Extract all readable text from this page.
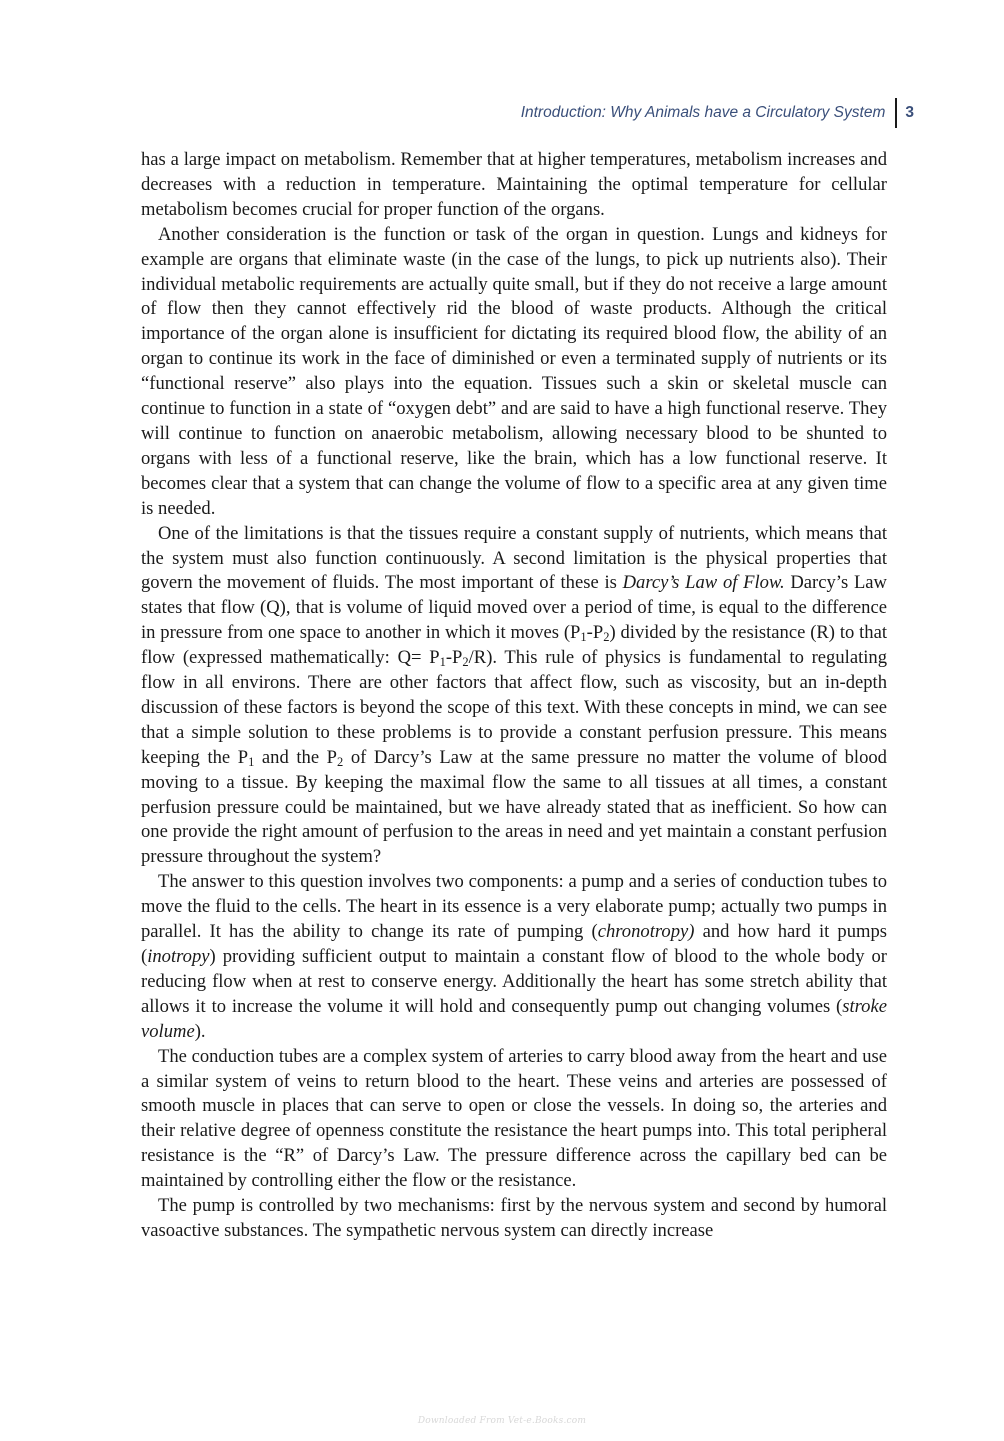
Introduction: Why Animals have a Circulatory System	3

has a large impact on metabolism. Remember that at higher temperatures, metabolism increases and decreases with a reduction in temperature. Maintaining the optimal temperature for cellular metabolism becomes crucial for proper function of the organs.

Another consideration is the function or task of the organ in question. Lungs and kidneys for example are organs that eliminate waste (in the case of the lungs, to pick up nutrients also). Their individual metabolic requirements are actually quite small, but if they do not receive a large amount of flow then they cannot effectively rid the blood of waste products. Although the critical importance of the organ alone is insufficient for dictating its required blood flow, the ability of an organ to continue its work in the face of diminished or even a terminated supply of nutrients or its “functional reserve” also plays into the equation. Tissues such a skin or skeletal muscle can continue to function in a state of “oxygen debt” and are said to have a high functional reserve. They will continue to function on anaerobic metabolism, allowing necessary blood to be shunted to organs with less of a functional reserve, like the brain, which has a low functional reserve. It becomes clear that a system that can change the volume of flow to a specific area at any given time is needed.

One of the limitations is that the tissues require a constant supply of nutrients, which means that the system must also function continuously. A second limitation is the physical properties that govern the movement of fluids. The most important of these is Darcy’s Law of Flow. Darcy’s Law states that flow (Q), that is volume of liquid moved over a period of time, is equal to the difference in pressure from one space to another in which it moves $(P_1-P_2)$ divided by the resistance (R) to that flow (expressed mathematically: $Q= P_1-P_2/R$). This rule of physics is fundamental to regulating flow in all environs. There are other factors that affect flow, such as viscosity, but an in-depth discussion of these factors is beyond the scope of this text. With these concepts in mind, we can see that a simple solution to these problems is to provide a constant perfusion pressure. This means keeping the $P_1$ and the $P_2$ of Darcy’s Law at the same pressure no matter the volume of blood moving to a tissue. By keeping the maximal flow the same to all tissues at all times, a constant perfusion pressure could be maintained, but we have already stated that as inefficient. So how can one provide the right amount of perfusion to the areas in need and yet maintain a constant perfusion pressure throughout the system?

The answer to this question involves two components: a pump and a series of conduction tubes to move the fluid to the cells. The heart in its essence is a very elaborate pump; actually two pumps in parallel. It has the ability to change its rate of pumping (chronotropy) and how hard it pumps (inotropy) providing sufficient output to maintain a constant flow of blood to the whole body or reducing flow when at rest to conserve energy. Additionally the heart has some stretch ability that allows it to increase the volume it will hold and consequently pump out changing volumes (stroke volume).

The conduction tubes are a complex system of arteries to carry blood away from the heart and use a similar system of veins to return blood to the heart. These veins and arteries are possessed of smooth muscle in places that can serve to open or close the vessels. In doing so, the arteries and their relative degree of openness constitute the resistance the heart pumps into. This total peripheral resistance is the “R” of Darcy’s Law. The pressure difference across the capillary bed can be maintained by controlling either the flow or the resistance.

The pump is controlled by two mechanisms: first by the nervous system and second by humoral vasoactive substances. The sympathetic nervous system can directly increase

Downloaded From Vet-e.Books.com
